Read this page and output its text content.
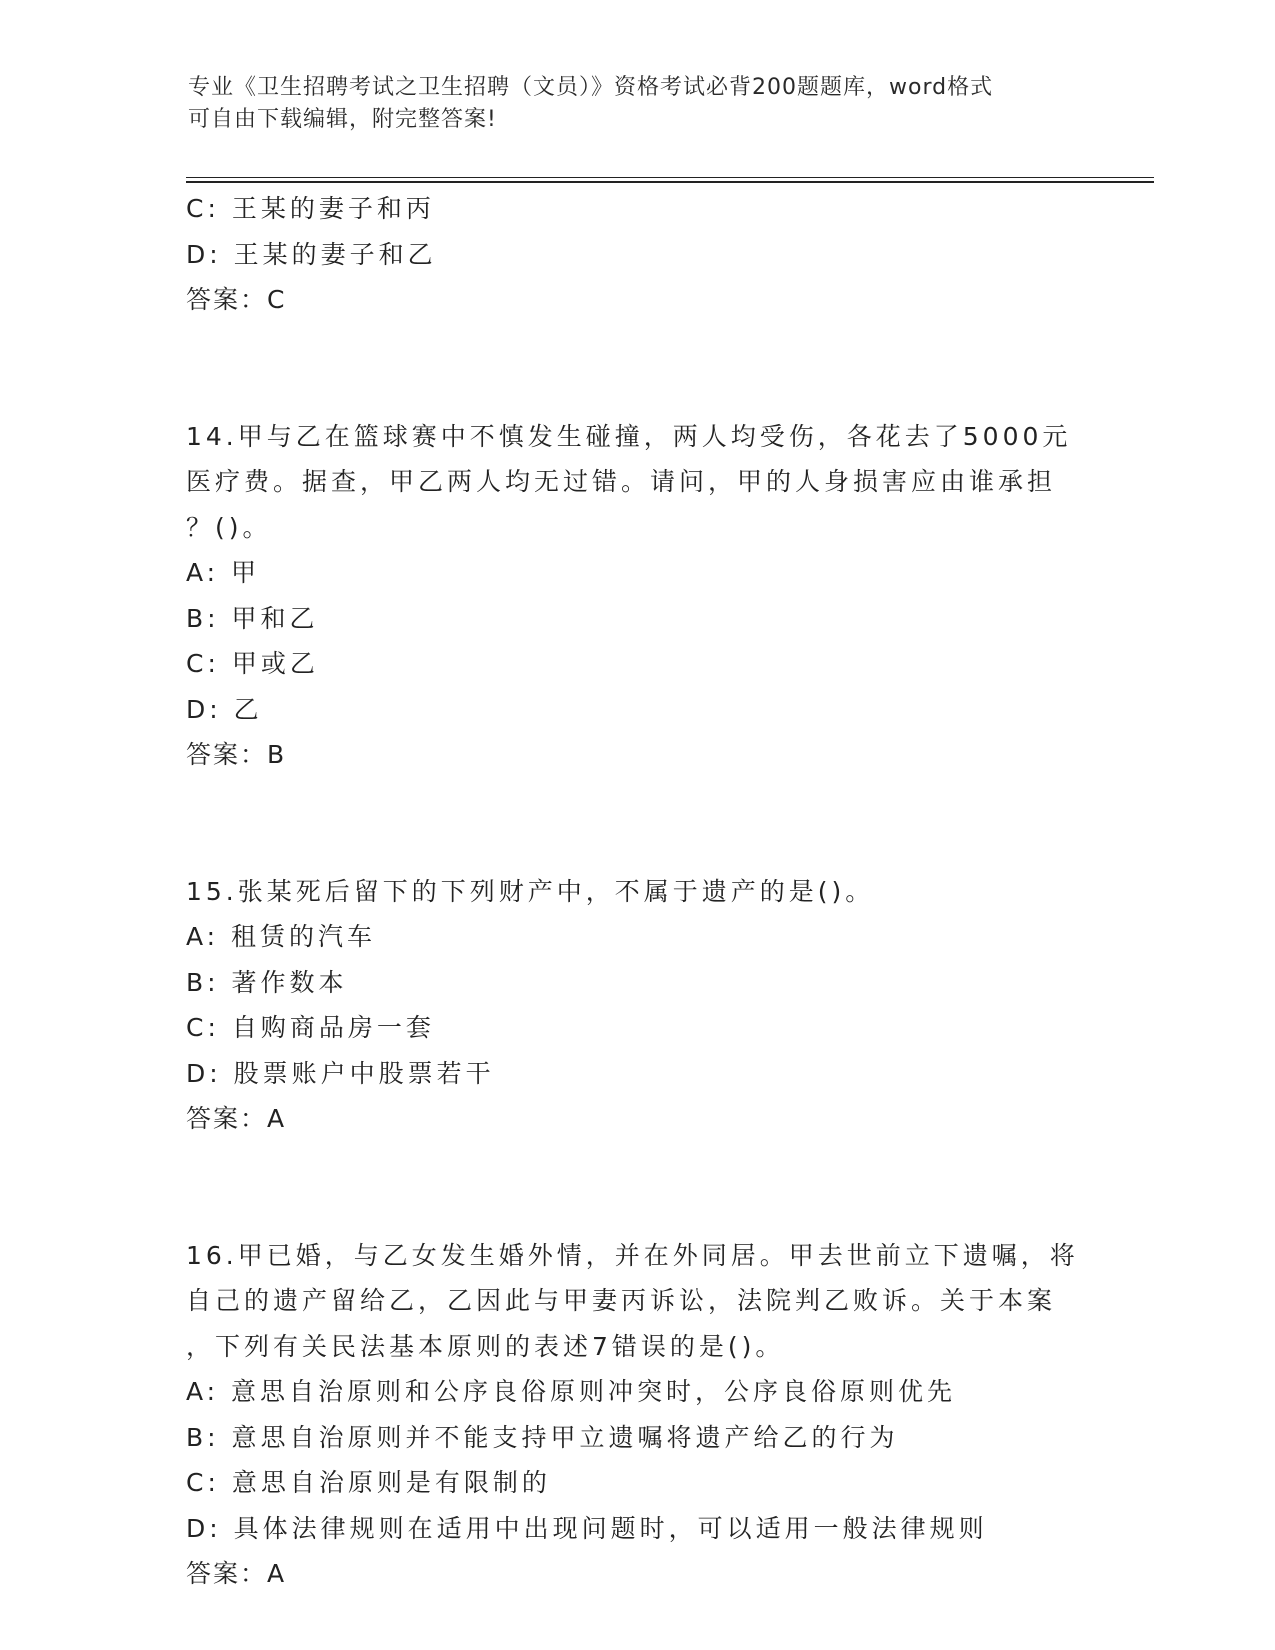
专业《卫生招聘考试之卫生招聘（文员）》资格考试必背200题题库，word格式
可自由下载编辑，附完整答案!
C: 王某的妻子和丙
D: 王某的妻子和乙
答案：C
14.甲与乙在篮球赛中不慎发生碰撞，两人均受伤，各花去了5000元
医疗费。据查，甲乙两人均无过错。请问，甲的人身损害应由谁承担
？()。
A: 甲
B: 甲和乙
C: 甲或乙
D: 乙
答案：B
15.张某死后留下的下列财产中，不属于遗产的是()。
A: 租赁的汽车
B: 著作数本
C: 自购商品房一套
D: 股票账户中股票若干
答案：A
16.甲已婚，与乙女发生婚外情，并在外同居。甲去世前立下遗嘱，将
自己的遗产留给乙，乙因此与甲妻丙诉讼，法院判乙败诉。关于本案
，下列有关民法基本原则的表述7错误的是()。
A: 意思自治原则和公序良俗原则冲突时，公序良俗原则优先
B: 意思自治原则并不能支持甲立遗嘱将遗产给乙的行为
C: 意思自治原则是有限制的
D: 具体法律规则在适用中出现问题时，可以适用一般法律规则
答案：A
